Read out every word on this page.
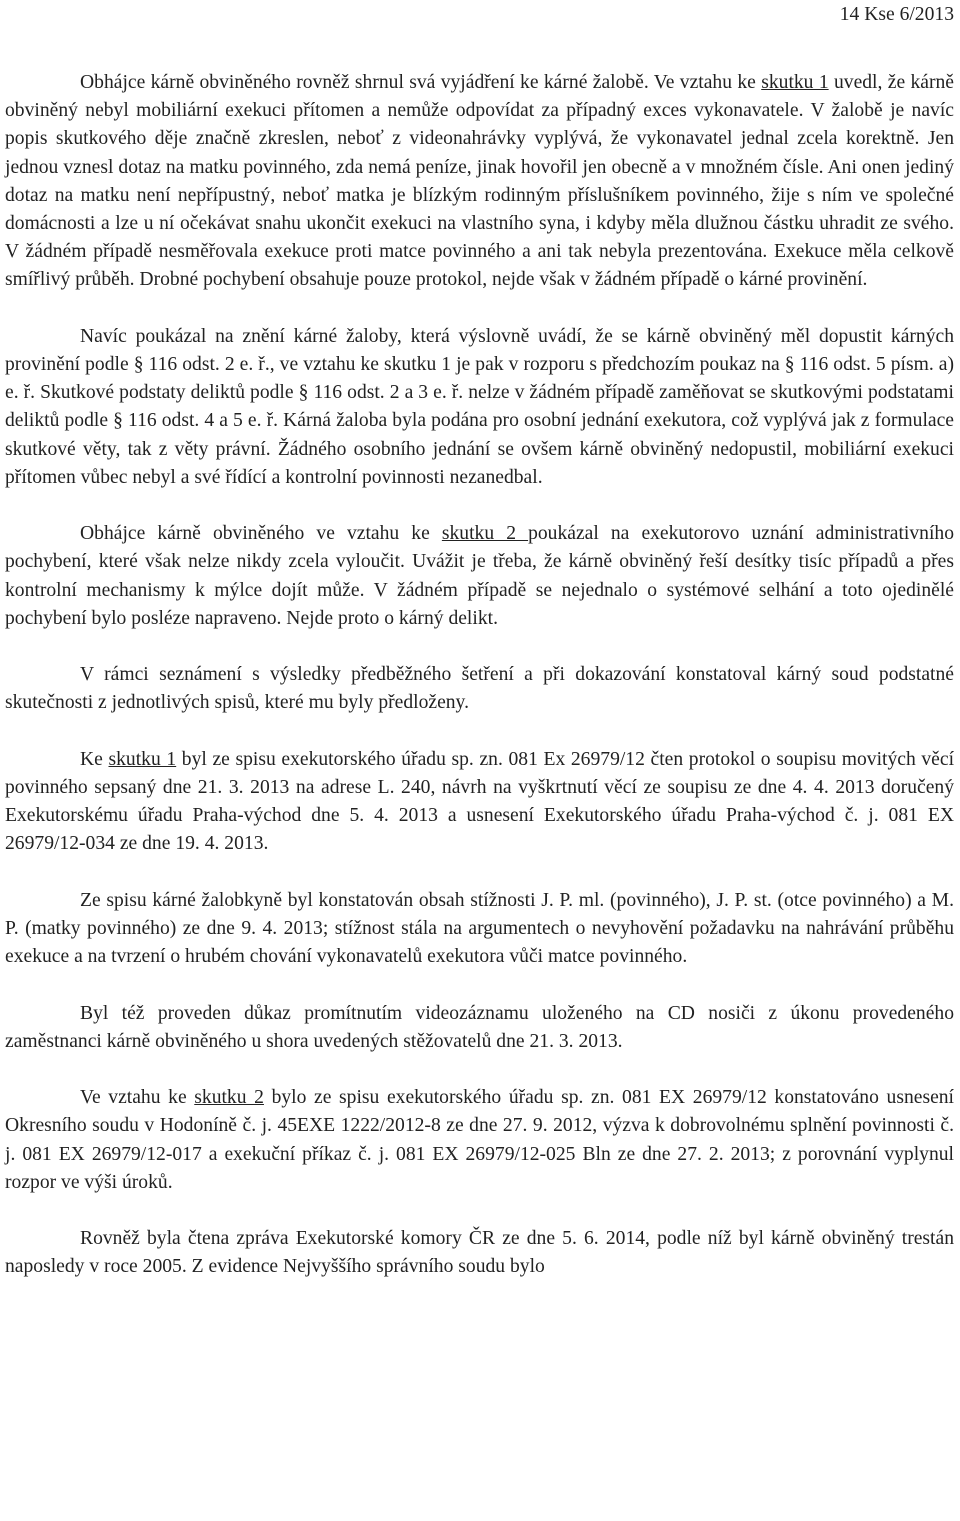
14 Kse 6/2013

Obhájce kárně obviněného rovněž shrnul svá vyjádření ke kárné žalobě. Ve vztahu ke skutku 1 uvedl, že kárně obviněný nebyl mobiliární exekuci přítomen a nemůže odpovídat za případný exces vykonavatele. V žalobě je navíc popis skutkového děje značně zkreslen, neboť z videonahrávky vyplývá, že vykonavatel jednal zcela korektně. Jen jednou vznesl dotaz na matku povinného, zda nemá peníze, jinak hovořil jen obecně a v množném čísle. Ani onen jediný dotaz na matku není nepřípustný, neboť matka je blízkým rodinným příslušníkem povinného, žije s ním ve společné domácnosti a lze u ní očekávat snahu ukončit exekuci na vlastního syna, i kdyby měla dlužnou částku uhradit ze svého. V žádném případě nesměřovala exekuce proti matce povinného a ani tak nebyla prezentována. Exekuce měla celkově smířlivý průběh. Drobné pochybení obsahuje pouze protokol, nejde však v žádném případě o kárné provinění.

Navíc poukázal na znění kárné žaloby, která výslovně uvádí, že se kárně obviněný měl dopustit kárných provinění podle § 116 odst. 2 e. ř., ve vztahu ke skutku 1 je pak v rozporu s předchozím poukaz na § 116 odst. 5 písm. a) e. ř. Skutkové podstaty deliktů podle § 116 odst. 2 a 3 e. ř. nelze v žádném případě zaměňovat se skutkovými podstatami deliktů podle § 116 odst. 4 a 5 e. ř. Kárná žaloba byla podána pro osobní jednání exekutora, což vyplývá jak z formulace skutkové věty, tak z věty právní. Žádného osobního jednání se ovšem kárně obviněný nedopustil, mobiliární exekuci přítomen vůbec nebyl a své řídící a kontrolní povinnosti nezanedbal.

Obhájce kárně obviněného ve vztahu ke skutku 2 poukázal na exekutorovo uznání administrativního pochybení, které však nelze nikdy zcela vyloučit. Uvážit je třeba, že kárně obviněný řeší desítky tisíc případů a přes kontrolní mechanismy k mýlce dojít může. V žádném případě se nejednalo o systémové selhání a toto ojedinělé pochybení bylo posléze napraveno. Nejde proto o kárný delikt.

V rámci seznámení s výsledky předběžného šetření a při dokazování konstatoval kárný soud podstatné skutečnosti z jednotlivých spisů, které mu byly předloženy.

Ke skutku 1 byl ze spisu exekutorského úřadu sp. zn. 081 Ex 26979/12 čten protokol o soupisu movitých věcí povinného sepsaný dne 21. 3. 2013 na adrese L. 240, návrh na vyškrtnutí věcí ze soupisu ze dne 4. 4. 2013 doručený Exekutorskému úřadu Praha-východ dne 5. 4. 2013 a usnesení Exekutorského úřadu Praha-východ č. j. 081 EX 26979/12-034 ze dne 19. 4. 2013.

Ze spisu kárné žalobkyně byl konstatován obsah stížnosti J. P. ml. (povinného), J. P. st. (otce povinného) a M. P. (matky povinného) ze dne 9. 4. 2013; stížnost stála na argumentech o nevyhovění požadavku na nahrávání průběhu exekuce a na tvrzení o hrubém chování vykonavatelů exekutora vůči matce povinného.

Byl též proveden důkaz promítnutím videozáznamu uloženého na CD nosiči z úkonu provedeného zaměstnanci kárně obviněného u shora uvedených stěžovatelů dne 21. 3. 2013.

Ve vztahu ke skutku 2 bylo ze spisu exekutorského úřadu sp. zn. 081 EX 26979/12 konstatováno usnesení Okresního soudu v Hodoníně č. j. 45EXE 1222/2012-8 ze dne 27. 9. 2012, výzva k dobrovolnému splnění povinnosti č. j. 081 EX 26979/12-017 a exekuční příkaz č. j. 081 EX 26979/12-025 Bln ze dne 27. 2. 2013; z porovnání vyplynul rozpor ve výši úroků.

Rovněž byla čtena zpráva Exekutorské komory ČR ze dne 5. 6. 2014, podle níž byl kárně obviněný trestán naposledy v roce 2005. Z evidence Nejvyššího správního soudu bylo
